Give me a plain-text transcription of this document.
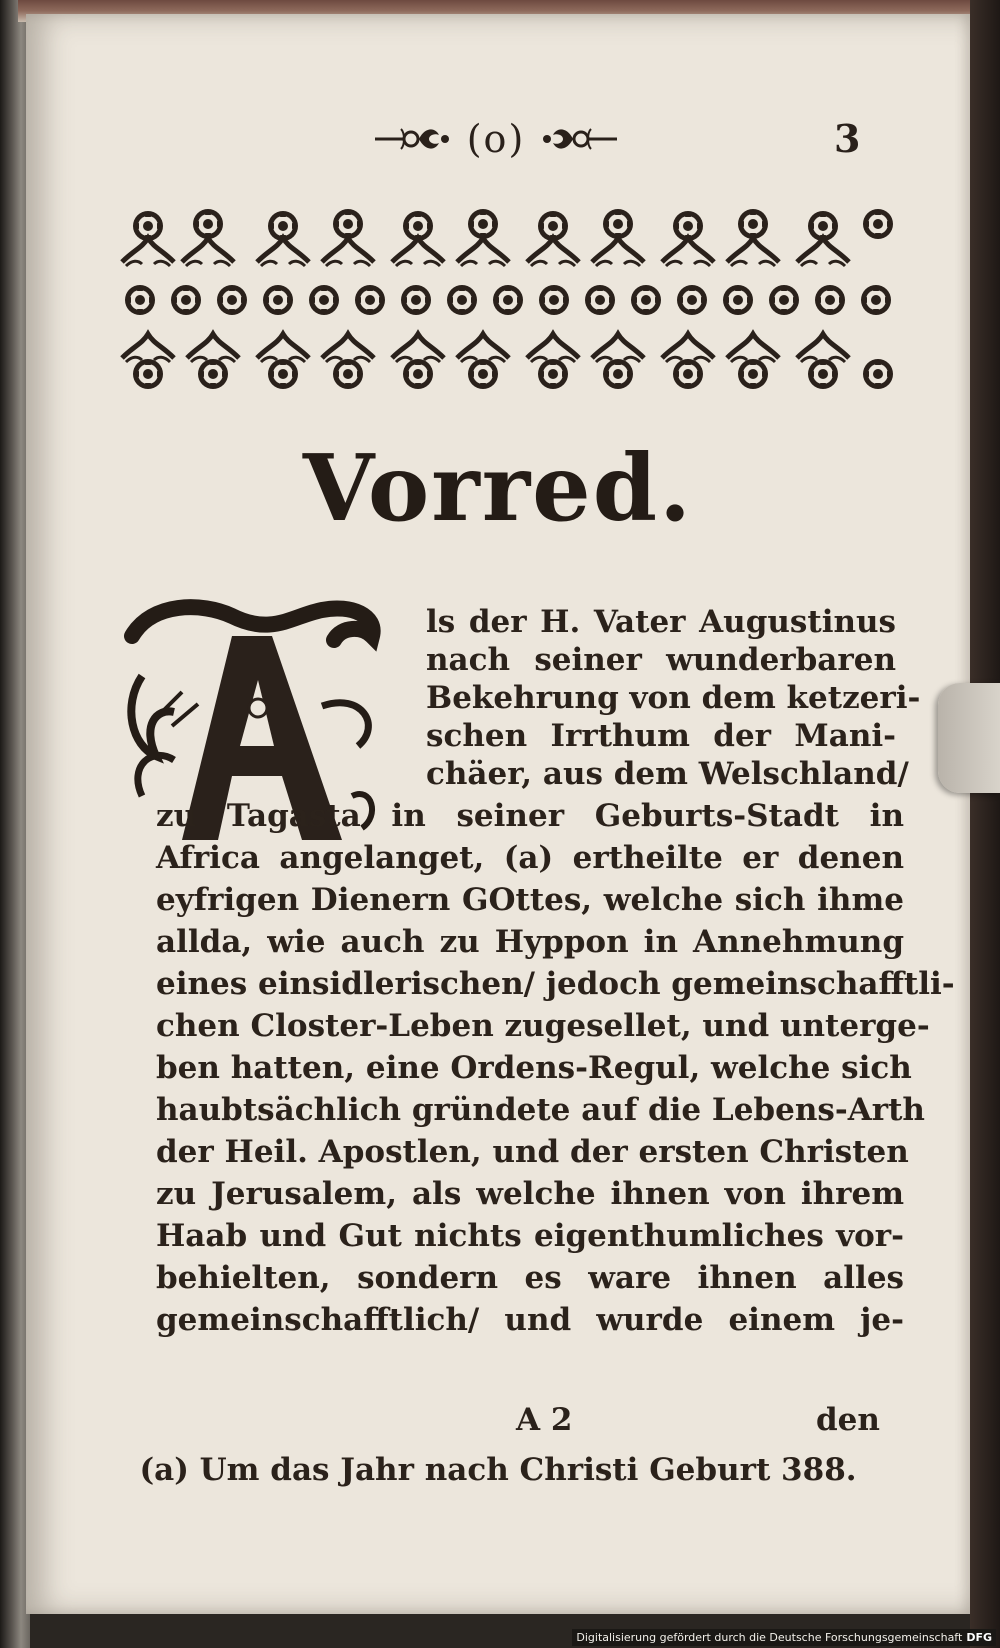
(o)	3
Vorred.
A
ls der H. Vater Augustinus
nach seiner wunderbaren
Bekehrung von dem ketzeri-
schen Irrthum der Mani-
chäer, aus dem Welschland/
zu Tagasta in seiner Geburts-Stadt in
Africa angelanget, (a) ertheilte er denen
eyfrigen Dienern GOttes, welche sich ihme
allda, wie auch zu Hyppon in Annehmung
eines einsidlerischen/ jedoch gemeinschafftli-
chen Closter-Leben zugesellet, und unterge-
ben hatten, eine Ordens-Regul, welche sich
haubtsächlich gründete auf die Lebens-Arth
der Heil. Apostlen, und der ersten Christen
zu Jerusalem, als welche ihnen von ihrem
Haab und Gut nichts eigenthumliches vor-
behielten, sondern es ware ihnen alles
gemeinschafftlich/ und wurde einem je-
A 2	den
(a) Um das Jahr nach Christi Geburt 388.
Digitalisierung gefördert durch die Deutsche Forschungsgemeinschaft DFG
